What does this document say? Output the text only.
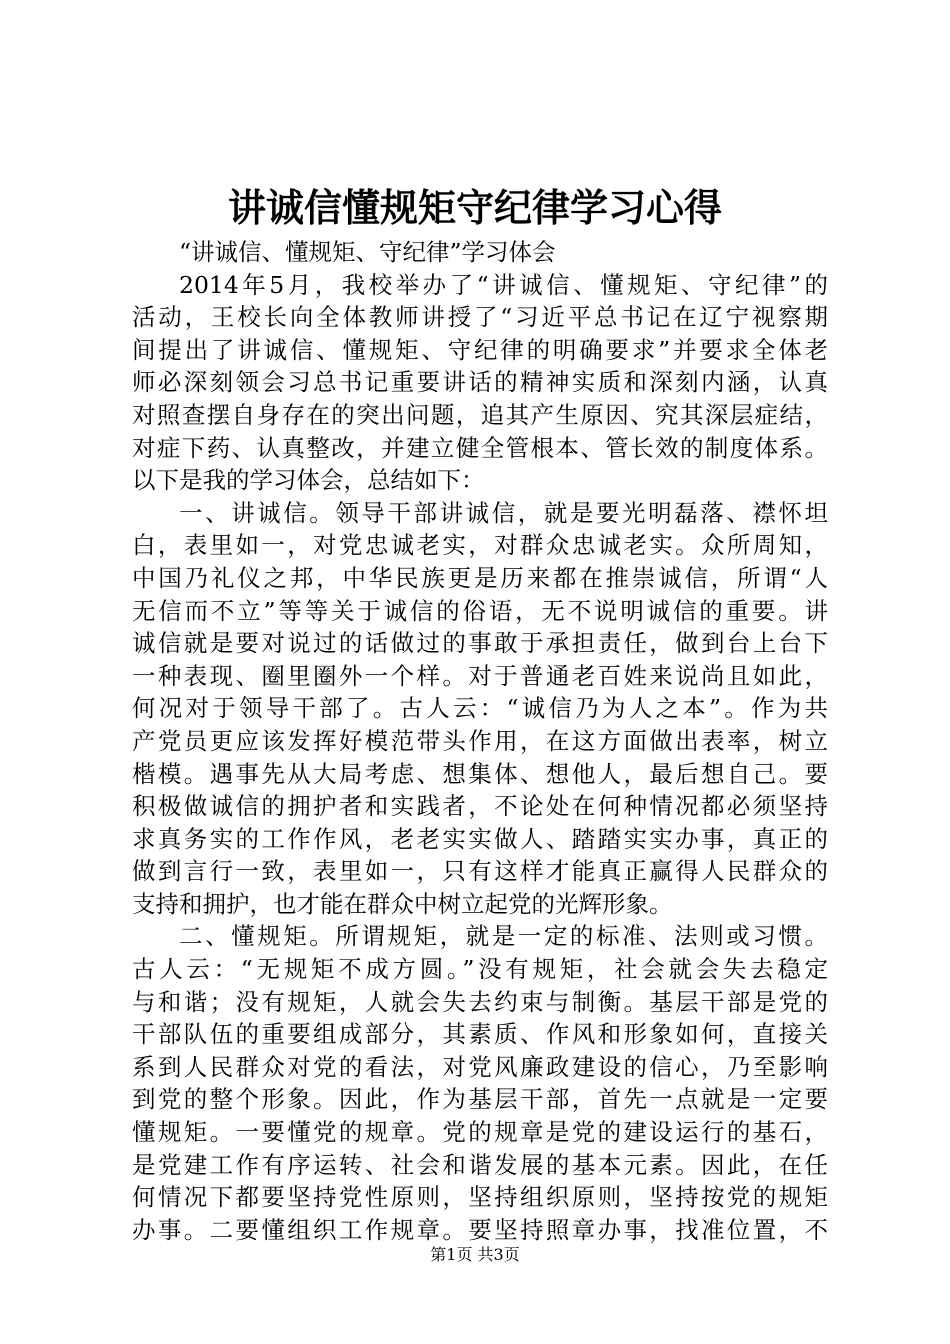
讲诚信懂规矩守纪律学习心得
“讲诚信、懂规矩、守纪律”学习体会
2014年5月，我校举办了“讲诚信、懂规矩、守纪律”的
活动，王校长向全体教师讲授了“习近平总书记在辽宁视察期
间提出了讲诚信、懂规矩、守纪律的明确要求”并要求全体老
师必深刻领会习总书记重要讲话的精神实质和深刻内涵，认真
对照查摆自身存在的突出问题，追其产生原因、究其深层症结，
对症下药、认真整改，并建立健全管根本、管长效的制度体系。
以下是我的学习体会，总结如下：
一、讲诚信。领导干部讲诚信，就是要光明磊落、襟怀坦
白，表里如一，对党忠诚老实，对群众忠诚老实。众所周知，
中国乃礼仪之邦，中华民族更是历来都在推崇诚信，所谓“人
无信而不立”等等关于诚信的俗语，无不说明诚信的重要。讲
诚信就是要对说过的话做过的事敢于承担责任，做到台上台下
一种表现、圈里圈外一个样。对于普通老百姓来说尚且如此，
何况对于领导干部了。古人云：“诚信乃为人之本”。作为共
产党员更应该发挥好模范带头作用，在这方面做出表率，树立
楷模。遇事先从大局考虑、想集体、想他人，最后想自己。要
积极做诚信的拥护者和实践者，不论处在何种情况都必须坚持
求真务实的工作作风，老老实实做人、踏踏实实办事，真正的
做到言行一致，表里如一，只有这样才能真正赢得人民群众的
支持和拥护，也才能在群众中树立起党的光辉形象。
二、懂规矩。所谓规矩，就是一定的标准、法则或习惯。
古人云：“无规矩不成方圆。”没有规矩，社会就会失去稳定
与和谐；没有规矩，人就会失去约束与制衡。基层干部是党的
干部队伍的重要组成部分，其素质、作风和形象如何，直接关
系到人民群众对党的看法，对党风廉政建设的信心，乃至影响
到党的整个形象。因此，作为基层干部，首先一点就是一定要
懂规矩。一要懂党的规章。党的规章是党的建设运行的基石，
是党建工作有序运转、社会和谐发展的基本元素。因此，在任
何情况下都要坚持党性原则，坚持组织原则，坚持按党的规矩
办事。二要懂组织工作规章。要坚持照章办事，找准位置，不
第1页 共3页
